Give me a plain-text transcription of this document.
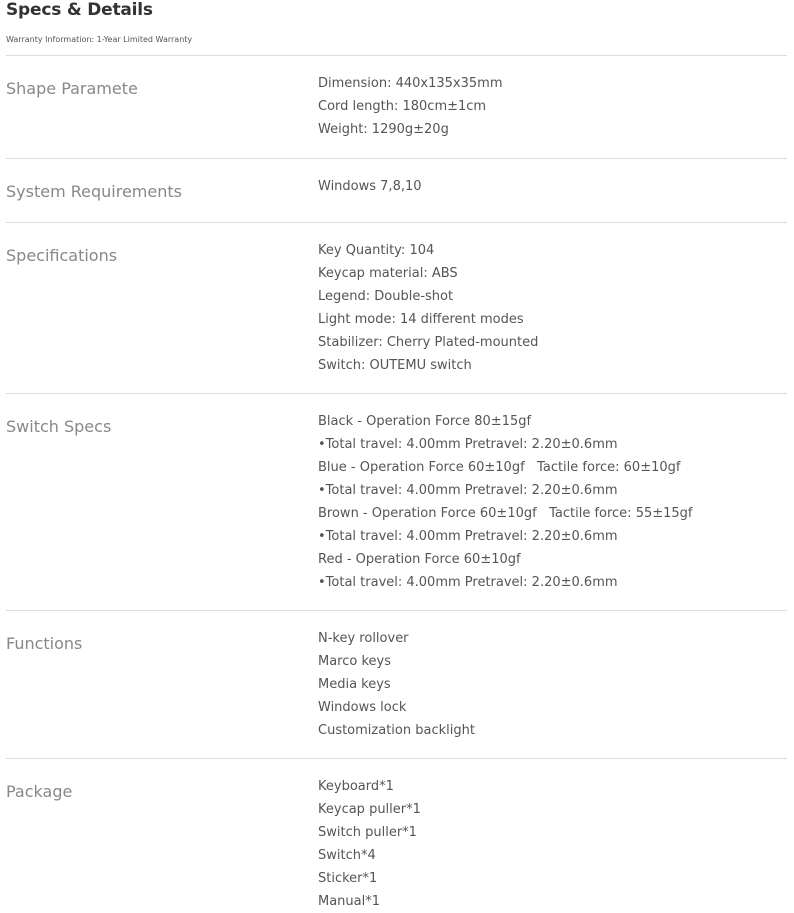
Specs & Details
Warranty Information: 1-Year Limited Warranty
Shape Paramete	Dimension: 440x135x35mm
Cord length: 180cm±1cm
Weight: 1290g±20g
System Requirements	Windows 7,8,10
Specifications	Key Quantity: 104
Keycap material: ABS
Legend: Double-shot
Light mode: 14 different modes
Stabilizer: Cherry Plated-mounted
Switch: OUTEMU switch
Switch Specs	Black - Operation Force 80±15gf
•Total travel: 4.00mm Pretravel: 2.20±0.6mm
Blue - Operation Force 60±10gf   Tactile force: 60±10gf
•Total travel: 4.00mm Pretravel: 2.20±0.6mm
Brown - Operation Force 60±10gf   Tactile force: 55±15gf
•Total travel: 4.00mm Pretravel: 2.20±0.6mm
Red - Operation Force 60±10gf
•Total travel: 4.00mm Pretravel: 2.20±0.6mm
Functions	N-key rollover
Marco keys
Media keys
Windows lock
Customization backlight
Package	Keyboard*1
Keycap puller*1
Switch puller*1
Switch*4
Sticker*1
Manual*1
